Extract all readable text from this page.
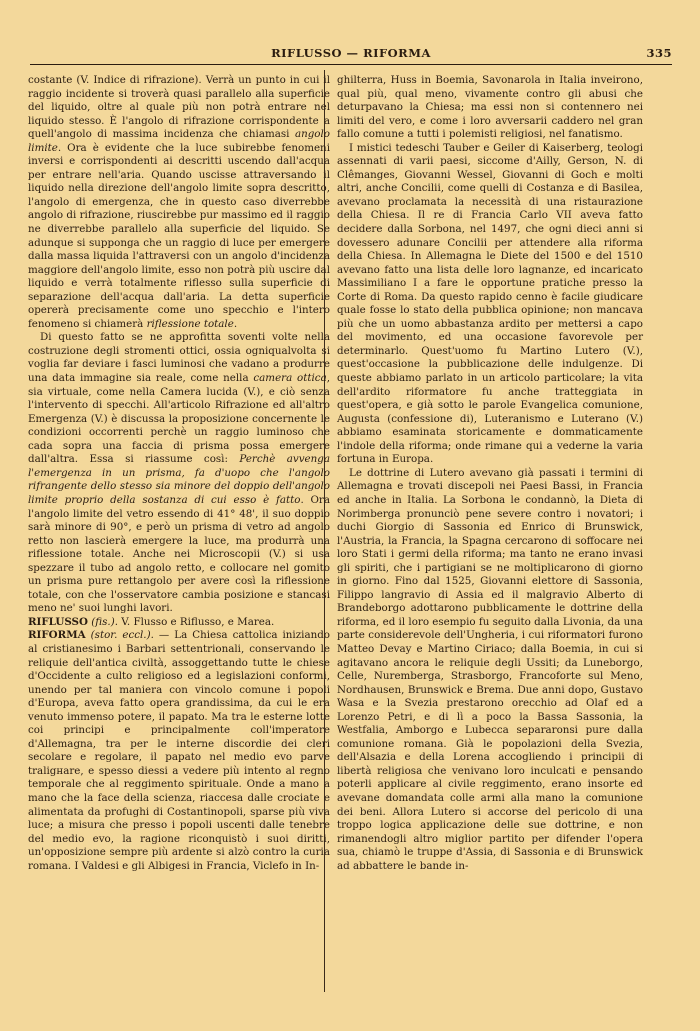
RIFLUSSO — RIFORMA	335

costante (V. Indice di rifrazione). Verrà un punto in cui il raggio incidente si troverà quasi parallelo alla superficie del liquido, oltre al quale più non potrà entrare nel liquido stesso. È l'angolo di rifrazione corrispondente a quell'angolo di massima incidenza che chiamasi angolo limite. Ora è evidente che la luce subirebbe fenomeni inversi e corrispondenti ai descritti uscendo dall'acqua per entrare nell'aria. Quando uscisse attraversando il liquido nella direzione dell'angolo limite sopra descritto, l'angolo di emergenza, che in questo caso diverrebbe angolo di rifrazione, riuscirebbe pur massimo ed il raggio ne diverrebbe parallelo alla superficie del liquido. Se adunque si supponga che un raggio di luce per emergere dalla massa liquida l'attraversi con un angolo d'incidenza maggiore dell'angolo limite, esso non potrà più uscire dal liquido e verrà totalmente riflesso sulla superficie di separazione dell'acqua dall'aria. La detta superficie opererà precisamente come uno specchio e l'intero fenomeno si chiamerà riflessione totale.

Di questo fatto se ne approfitta soventi volte nella costruzione degli stromenti ottici, ossia ogniqualvolta si voglia far deviare i fasci luminosi che vadano a produrre una data immagine sia reale, come nella camera ottica, sia virtuale, come nella Camera lucida (V.), e ciò senza l'intervento di specchi. All'articolo Rifrazione ed all'altro Emergenza (V.) è discussa la proposizione concernente le condizioni occorrenti perchè un raggio luminoso che cada sopra una faccia di prisma possa emergere dall'altra. Essa si riassume così: Perchè avvenga l'emergenza in un prisma, fa d'uopo che l'angolo rifrangente dello stesso sia minore del doppio dell'angolo limite proprio della sostanza di cui esso è fatto. Ora l'angolo limite del vetro essendo di 41° 48', il suo doppio sarà minore di 90°, e però un prisma di vetro ad angolo retto non lascierà emergere la luce, ma produrrà una riflessione totale. Anche nei Microscopii (V.) si usa spezzare il tubo ad angolo retto, e collocare nel gomito un prisma pure rettangolo per avere così la riflessione totale, con che l'osservatore cambia posizione e stancasi meno ne' suoi lunghi lavori.

RIFLUSSO (fis.). V. Flusso e Riflusso, e Marea.

RIFORMA (stor. eccl.). — La Chiesa cattolica iniziando al cristianesimo i Barbari settentrionali, conservando le reliquie dell'antica civiltà, assoggettando tutte le chiese d'Occidente a culto religioso ed a legislazioni conformi, unendo per tal maniera con vincolo comune i popoli d'Europa, aveva fatto opera grandissima, da cui le era venuto immenso potere, il papato. Ma tra le esterne lotte coi principi e principalmente coll'imperatore d'Allemagna, tra per le interne discordie dei cleri secolare e regolare, il papato nel medio evo parve traligнare, e spesso diessi a vedere più intento al regno temporale che al reggimento spirituale. Onde a mano a mano che la face della scienza, riaccesa dalle crociate e alimentata da profughi di Costantinopoli, sparse più viva luce; a misura che presso i popoli uscenti dalle tenebre del medio evo, la ragione riconquistò i suoi diritti, un'opposizione sempre più ardente si alzò contro la curia romana. I Valdesi e gli Albigesi in Francia, Viclefo in In-

ghilterra, Huss in Boemia, Savonarola in Italia inveirono, qual più, qual meno, vivamente contro gli abusi che deturpavano la Chiesa; ma essi non si contennero nei limiti del vero, e come i loro avversarii caddero nel gran fallo comune a tutti i polemisti religiosi, nel fanatismo.

I mistici tedeschi Tauber e Geiler di Kaiserberg, teologi assennati di varii paesi, siccome d'Ailly, Gerson, N. di Clêmanges, Giovanni Wessel, Giovanni di Goch e molti altri, anche Concilii, come quelli di Costanza e di Basilea, avevano proclamata la necessità di una ristaurazione della Chiesa. Il re di Francia Carlo VII aveva fatto decidere dalla Sorbona, nel 1497, che ogni dieci anni si dovessero adunare Concilii per attendere alla riforma della Chiesa. In Allemagna le Diete del 1500 e del 1510 avevano fatto una lista delle loro lagnanze, ed incaricato Massimiliano I a fare le opportune pratiche presso la Corte di Roma. Da questo rapido cenno è facile giudicare quale fosse lo stato della pubblica opinione; non mancava più che un uomo abbastanza ardito per mettersi a capo del movimento, ed una occasione favorevole per determinarlo. Quest'uomo fu Martino Lutero (V.), quest'occasione la pubblicazione delle indulgenze. Di queste abbiamo parlato in un articolo particolare; la vita dell'ardito riformatore fu anche tratteggiata in quest'opera, e già sotto le parole Evangelica comunione, Augusta (confessione di), Luteranismo e Luterano (V.) abbiamo esaminata storicamente e dommaticamente l'indole della riforma; onde rimane qui a vederne la varia fortuna in Europa.

Le dottrine di Lutero avevano già passati i termini di Allemagna e trovati discepoli nei Paesi Bassi, in Francia ed anche in Italia. La Sorbona le condannò, la Dieta di Norimberga pronunciò pene severe contro i novatori; i duchi Giorgio di Sassonia ed Enrico di Brunswick, l'Austria, la Francia, la Spagna cercarono di soffocare nei loro Stati i germi della riforma; ma tanto ne erano invasi gli spiriti, che i partigiani se ne moltiplicarono di giorno in giorno. Fino dal 1525, Giovanni elettore di Sassonia, Filippo langravio di Assia ed il malgravio Alberto di Brandeborgo adottarono pubblicamente le dottrine della riforma, ed il loro esempio fu seguito dalla Livonia, da una parte considerevole dell'Ungheria, i cui riformatori furono Matteo Devay e Martino Ciriaco; dalla Boemia, in cui si agitavano ancora le reliquie degli Ussiti; da Luneborgo, Celle, Nuremberga, Strasborgo, Francoforte sul Meno, Nordhausen, Brunswick e Brema. Due anni dopo, Gustavo Wasa e la Svezia prestarono orecchio ad Olaf ed a Lorenzo Petri, e di lì a poco la Bassa Sassonia, la Westfalia, Amborgo e Lubecca separaronsi pure dalla comunione romana. Già le popolazioni della Svezia, dell'Alsazia e della Lorena accogliendo i principii di libertà religiosa che venivano loro inculcati e pensando poterli applicare al civile reggimento, erano insorte ed avevane domandata colle armi alla mano la comunione dei beni. Allora Lutero si accorse del pericolo di una troppo logica applicazione delle sue dottrine, e non rimanendogli altro miglior partito per difender l'opera sua, chiamò le truppe d'Assia, di Sassonia e di Brunswick ad abbattere le bande in-
